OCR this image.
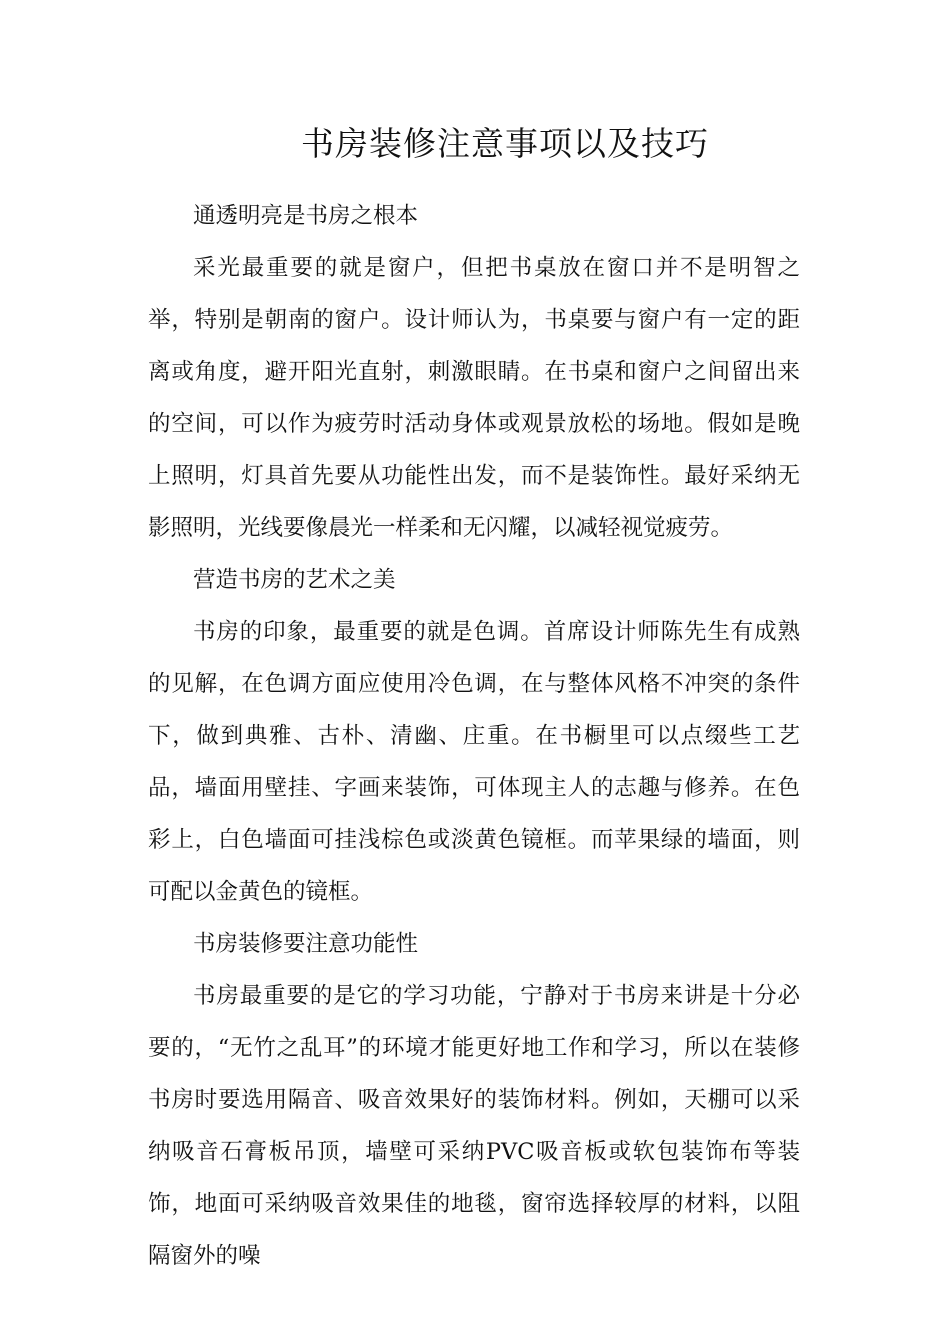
书房装修注意事项以及技巧

通透明亮是书房之根本

采光最重要的就是窗户，但把书桌放在窗口并不是明智之举，特别是朝南的窗户。设计师认为，书桌要与窗户有一定的距离或角度，避开阳光直射，刺激眼睛。在书桌和窗户之间留出来的空间，可以作为疲劳时活动身体或观景放松的场地。假如是晚上照明，灯具首先要从功能性出发，而不是装饰性。最好采纳无影照明，光线要像晨光一样柔和无闪耀，以减轻视觉疲劳。

营造书房的艺术之美

书房的印象，最重要的就是色调。首席设计师陈先生有成熟的见解，在色调方面应使用冷色调，在与整体风格不冲突的条件下，做到典雅、古朴、清幽、庄重。在书橱里可以点缀些工艺品，墙面用壁挂、字画来装饰，可体现主人的志趣与修养。在色彩上，白色墙面可挂浅棕色或淡黄色镜框。而苹果绿的墙面，则可配以金黄色的镜框。

书房装修要注意功能性

书房最重要的是它的学习功能，宁静对于书房来讲是十分必要的，“无竹之乱耳”的环境才能更好地工作和学习，所以在装修书房时要选用隔音、吸音效果好的装饰材料。例如，天棚可以采纳吸音石膏板吊顶，墙壁可采纳PVC吸音板或软包装饰布等装饰，地面可采纳吸音效果佳的地毯，窗帘选择较厚的材料，以阻隔窗外的噪
